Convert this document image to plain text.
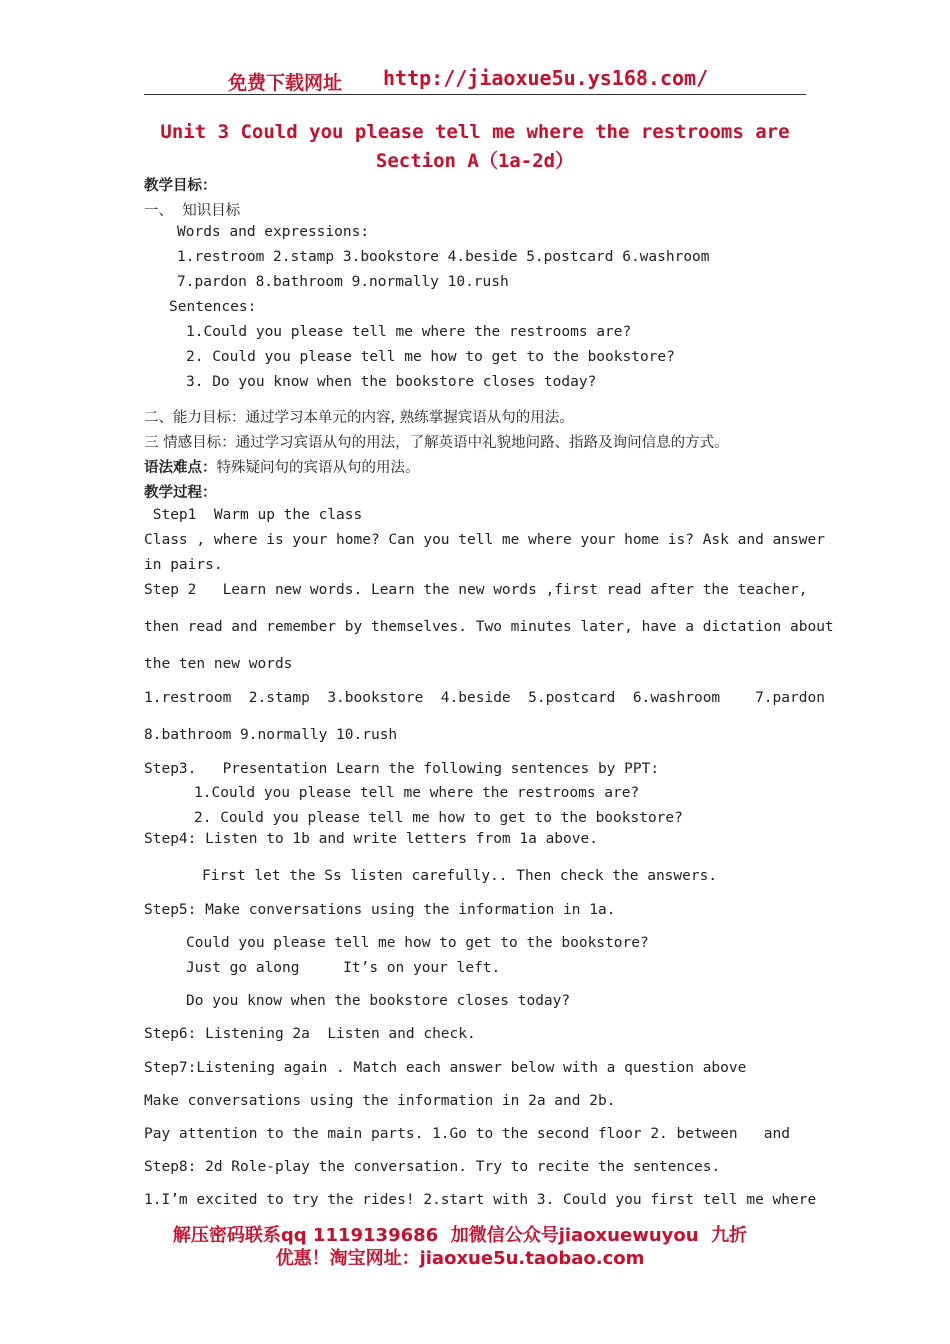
免费下载网址 http://jiaoxue5u.ys168.com/
Unit 3 Could you please tell me where the restrooms are
Section A（1a-2d）
教学目标：
一、  知识目标
Words and expressions:
1.restroom 2.stamp 3.bookstore 4.beside 5.postcard 6.washroom
7.pardon 8.bathroom 9.normally 10.rush
Sentences:
1.Could you please tell me where the restrooms are?
2. Could you please tell me how to get to the bookstore?
3. Do you know when the bookstore closes today?
二、能力目标：通过学习本单元的内容, 熟练掌握宾语从句的用法。
三 情感目标：通过学习宾语从句的用法，了解英语中礼貌地问路、指路及询问信息的方式。
语法难点：特殊疑问句的宾语从句的用法。
教学过程：
Step1  Warm up the class
Class , where is your home? Can you tell me where your home is? Ask and answer
in pairs.
Step 2   Learn new words. Learn the new words ,first read after the teacher,
then read and remember by themselves. Two minutes later, have a dictation about
the ten new words
1.restroom  2.stamp  3.bookstore  4.beside  5.postcard  6.washroom    7.pardon
8.bathroom 9.normally 10.rush
Step3.   Presentation Learn the following sentences by PPT:
1.Could you please tell me where the restrooms are?
2. Could you please tell me how to get to the bookstore?
Step4: Listen to 1b and write letters from 1a above.
First let the Ss listen carefully.. Then check the answers.
Step5: Make conversations using the information in 1a.
Could you please tell me how to get to the bookstore?
Just go along     It’s on your left.
Do you know when the bookstore closes today?
Step6: Listening 2a  Listen and check.
Step7:Listening again . Match each answer below with a question above
Make conversations using the information in 2a and 2b.
Pay attention to the main parts. 1.Go to the second floor 2. between   and
Step8: 2d Role-play the conversation. Try to recite the sentences.
1.I’m excited to try the rides! 2.start with 3. Could you first tell me where
解压密码联系qq 1119139686  加微信公众号jiaoxuewuyou  九折
优惠！淘宝网址：jiaoxue5u.taobao.com
